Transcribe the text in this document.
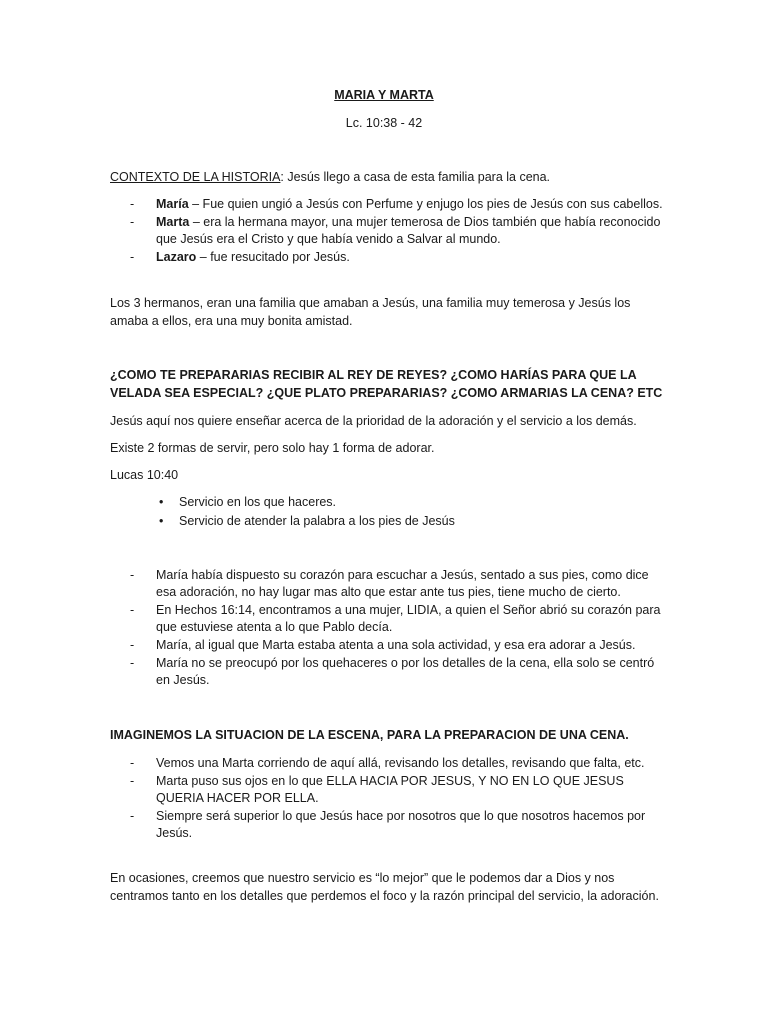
MARIA Y MARTA
Lc. 10:38 - 42
CONTEXTO DE LA HISTORIA: Jesús llego a casa de esta familia para la cena.
- María – Fue quien ungió a Jesús con Perfume y enjugo los pies de Jesús con sus cabellos.
- Marta – era la hermana mayor, una mujer temerosa de Dios también que había reconocido que Jesús era el Cristo y que había venido a Salvar al mundo.
- Lazaro – fue resucitado por Jesús.
Los 3 hermanos, eran una familia que amaban a Jesús, una familia muy temerosa y Jesús los amaba a ellos, era una muy bonita amistad.
¿COMO TE PREPARARIAS RECIBIR AL REY DE REYES? ¿COMO HARÍAS PARA QUE LA VELADA SEA ESPECIAL? ¿QUE PLATO PREPARARIAS? ¿COMO ARMARIAS LA CENA? ETC
Jesús aquí nos quiere enseñar acerca de la prioridad de la adoración y el servicio a los demás.
Existe 2 formas de servir, pero solo hay 1 forma de adorar.
Lucas 10:40
• Servicio en los que haceres.
• Servicio de atender la palabra a los pies de Jesús
- María había dispuesto su corazón para escuchar a Jesús, sentado a sus pies, como dice esa adoración, no hay lugar mas alto que estar ante tus pies, tiene mucho de cierto.
- En Hechos 16:14, encontramos a una mujer, LIDIA, a quien el Señor abrió su corazón para que estuviese atenta a lo que Pablo decía.
- María, al igual que Marta estaba atenta a una sola actividad, y esa era adorar a Jesús.
- María no se preocupó por los quehaceres o por los detalles de la cena, ella solo se centró en Jesús.
IMAGINEMOS LA SITUACION DE LA ESCENA, PARA LA PREPARACION DE UNA CENA.
- Vemos una Marta corriendo de aquí allá, revisando los detalles, revisando que falta, etc.
- Marta puso sus ojos en lo que ELLA HACIA POR JESUS, Y NO EN LO QUE JESUS QUERIA HACER POR ELLA.
- Siempre será superior lo que Jesús hace por nosotros que lo que nosotros hacemos por Jesús.
En ocasiones, creemos que nuestro servicio es “lo mejor” que le podemos dar a Dios y nos centramos tanto en los detalles que perdemos el foco y la razón principal del servicio, la adoración.
